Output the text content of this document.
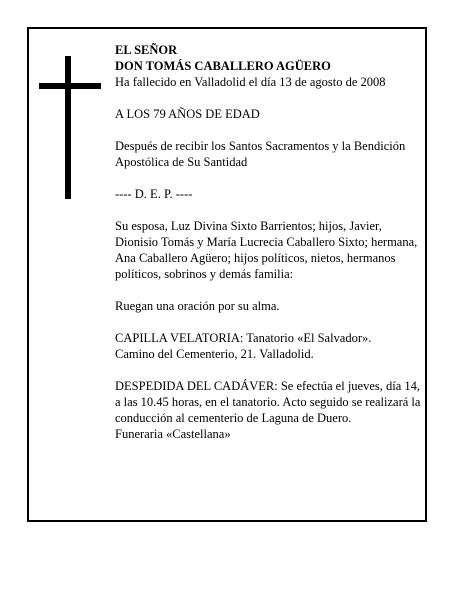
EL SEÑOR

DON TOMÁS CABALLERO AGÜERO

Ha fallecido en Valladolid el día 13 de agosto de 2008

A LOS 79 AÑOS DE EDAD

Después de recibir los Santos Sacramentos y la Bendición Apostólica de Su Santidad

---- D. E. P. ----

Su esposa, Luz Divina Sixto Barrientos; hijos, Javier, Dionisio Tomás y María Lucrecia Caballero Sixto; hermana, Ana Caballero Agüero; hijos políticos, nietos, hermanos políticos, sobrinos y demás familia:

Ruegan una oración por su alma.

CAPILLA VELATORIA: Tanatorio «El Salvador».

Camino del Cementerio, 21. Valladolid.

DESPEDIDA DEL CADÁVER: Se efectúa el jueves, día 14, a las 10.45 horas, en el tanatorio. Acto seguido se realizará la conducción al cementerio de Laguna de Duero.

Funeraria «Castellana»
